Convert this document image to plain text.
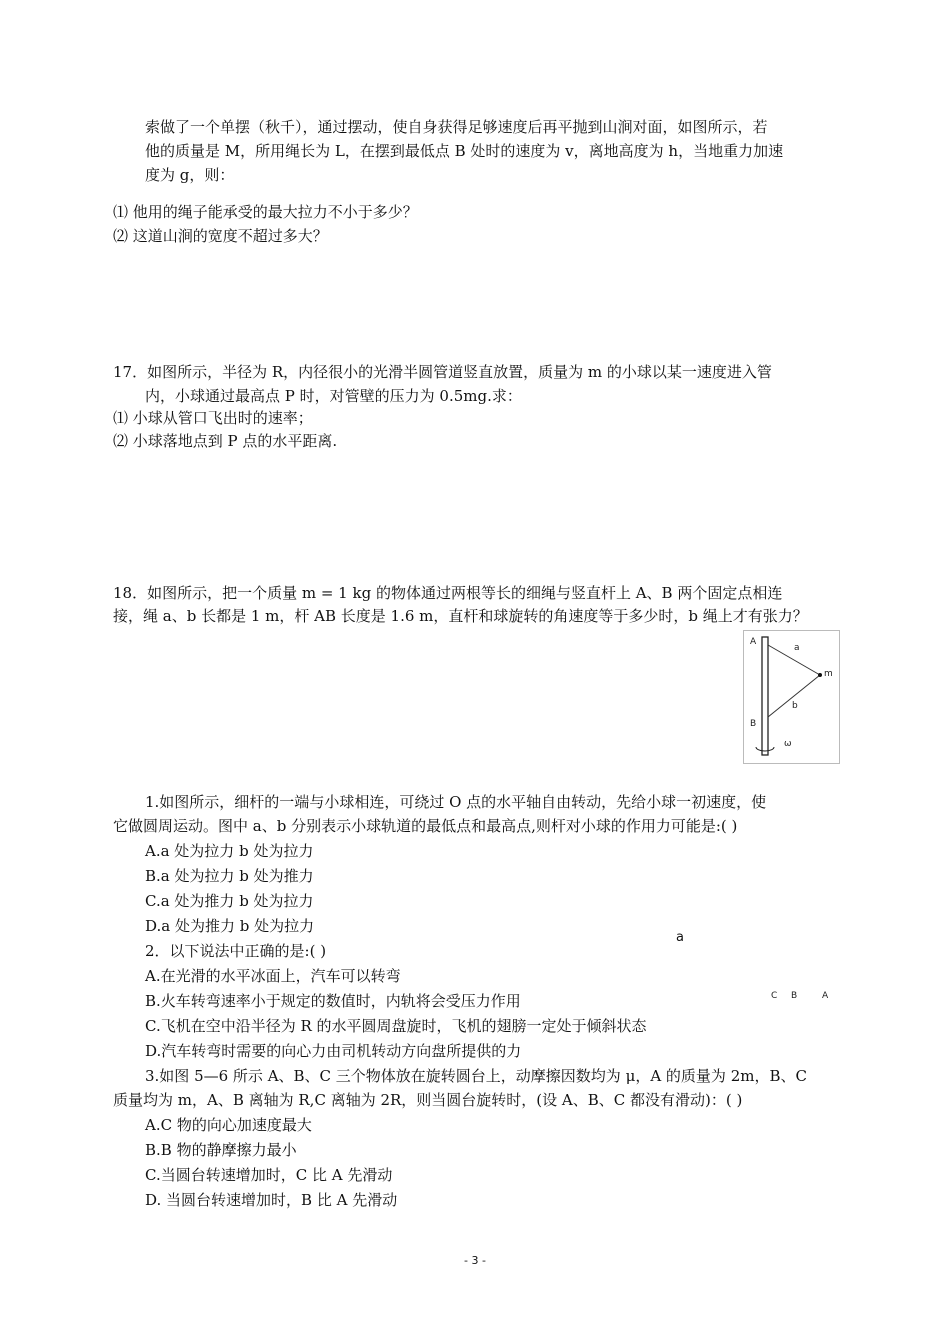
索做了一个单摆（秋千），通过摆动，使自身获得足够速度后再平抛到山涧对面，如图所示，若
他的质量是 M，所用绳长为 L，在摆到最低点 B 处时的速度为 v，离地高度为 h，当地重力加速
度为 g，则：
⑴ 他用的绳子能承受的最大拉力不小于多少？
⑵ 这道山涧的宽度不超过多大？
17．如图所示，半径为 R，内径很小的光滑半圆管道竖直放置，质量为 m 的小球以某一速度进入管
内，小球通过最高点 P 时，对管壁的压力为 0.5mg.求：
⑴ 小球从管口飞出时的速率；
⑵ 小球落地点到 P 点的水平距离.
18．如图所示，把一个质量 m = 1 kg 的物体通过两根等长的细绳与竖直杆上 A、B 两个固定点相连
接，绳 a、b 长都是 1 m，杆 AB 长度是 1.6 m，直杆和球旋转的角速度等于多少时，b 绳上才有张力？
A
B
a
b
m
ω
1.如图所示，细杆的一端与小球相连，可绕过 O 点的水平轴自由转动，先给小球一初速度，使
它做圆周运动。图中 a、b 分别表示小球轨道的最低点和最高点,则杆对小球的作用力可能是:( )
A.a 处为拉力 b 处为拉力
B.a 处为拉力 b 处为推力
C.a 处为推力 b 处为拉力
D.a 处为推力 b 处为拉力
a
2．以下说法中正确的是:( )
A.在光滑的水平冰面上，汽车可以转弯
B.火车转弯速率小于规定的数值时，内轨将会受压力作用
C.飞机在空中沿半径为 R 的水平圆周盘旋时，飞机的翅膀一定处于倾斜状态
D.汽车转弯时需要的向心力由司机转动方向盘所提供的力
C B	A
3.如图 5—6 所示 A、B、C 三个物体放在旋转圆台上，动摩擦因数均为 μ，A 的质量为 2m，B、C
质量均为 m，A、B 离轴为 R,C 离轴为 2R，则当圆台旋转时，(设 A、B、C 都没有滑动)：( )
A.C 物的向心加速度最大
B.B 物的静摩擦力最小
C.当圆台转速增加时，C 比 A 先滑动
D. 当圆台转速增加时，B 比 A 先滑动
- 3 -
